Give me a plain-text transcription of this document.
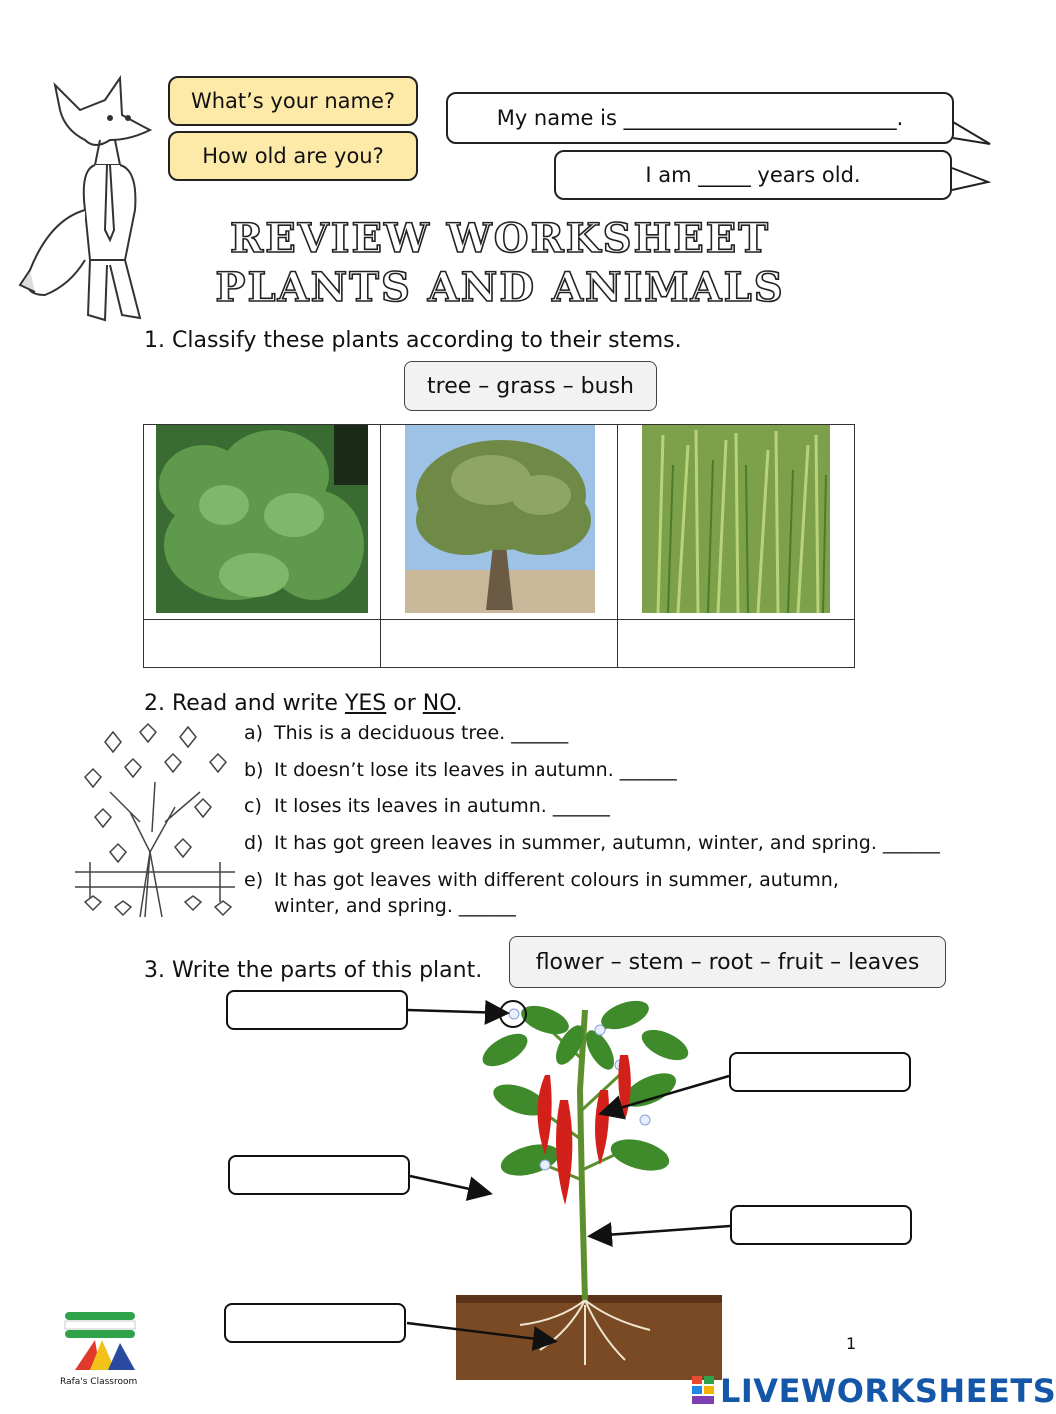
What’s your name?
How old are you?
My name is __________________________.
I am _____ years old.
REVIEW WORKSHEET
PLANTS AND ANIMALS
1. Classify these plants according to their stems.
tree – grass – bush

2. Read and write YES or NO.
a) This is a deciduous tree. ______
b) It doesn’t lose its leaves in autumn. ______
c) It loses its leaves in autumn. ______
d) It has got green leaves in summer, autumn, winter, and spring. ______
e) It has got leaves with different colours in summer, autumn,
winter, and spring. ______
3. Write the parts of this plant. flower – stem – root – fruit – leaves
Rafa's Classroom
1
LIVEWORKSHEETS
